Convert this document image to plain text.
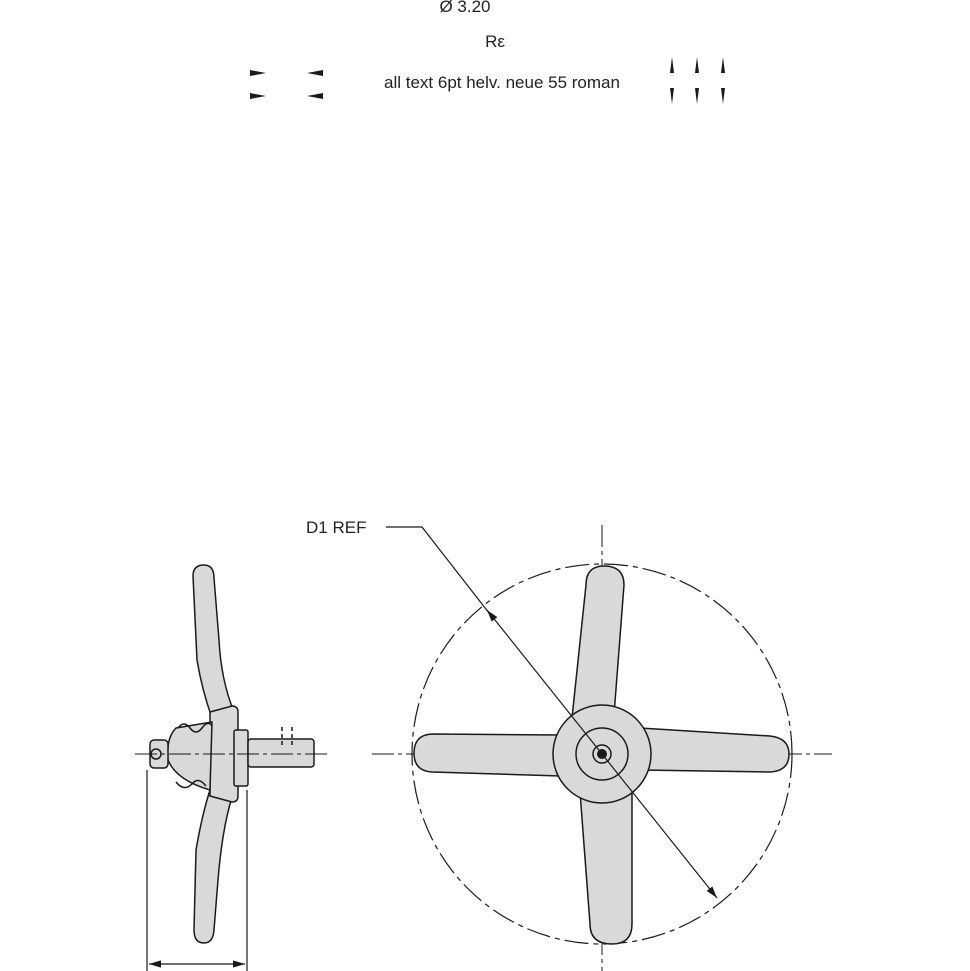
Ø 3.20
Rε
all text 6pt helv. neue 55 roman
D1 REF
